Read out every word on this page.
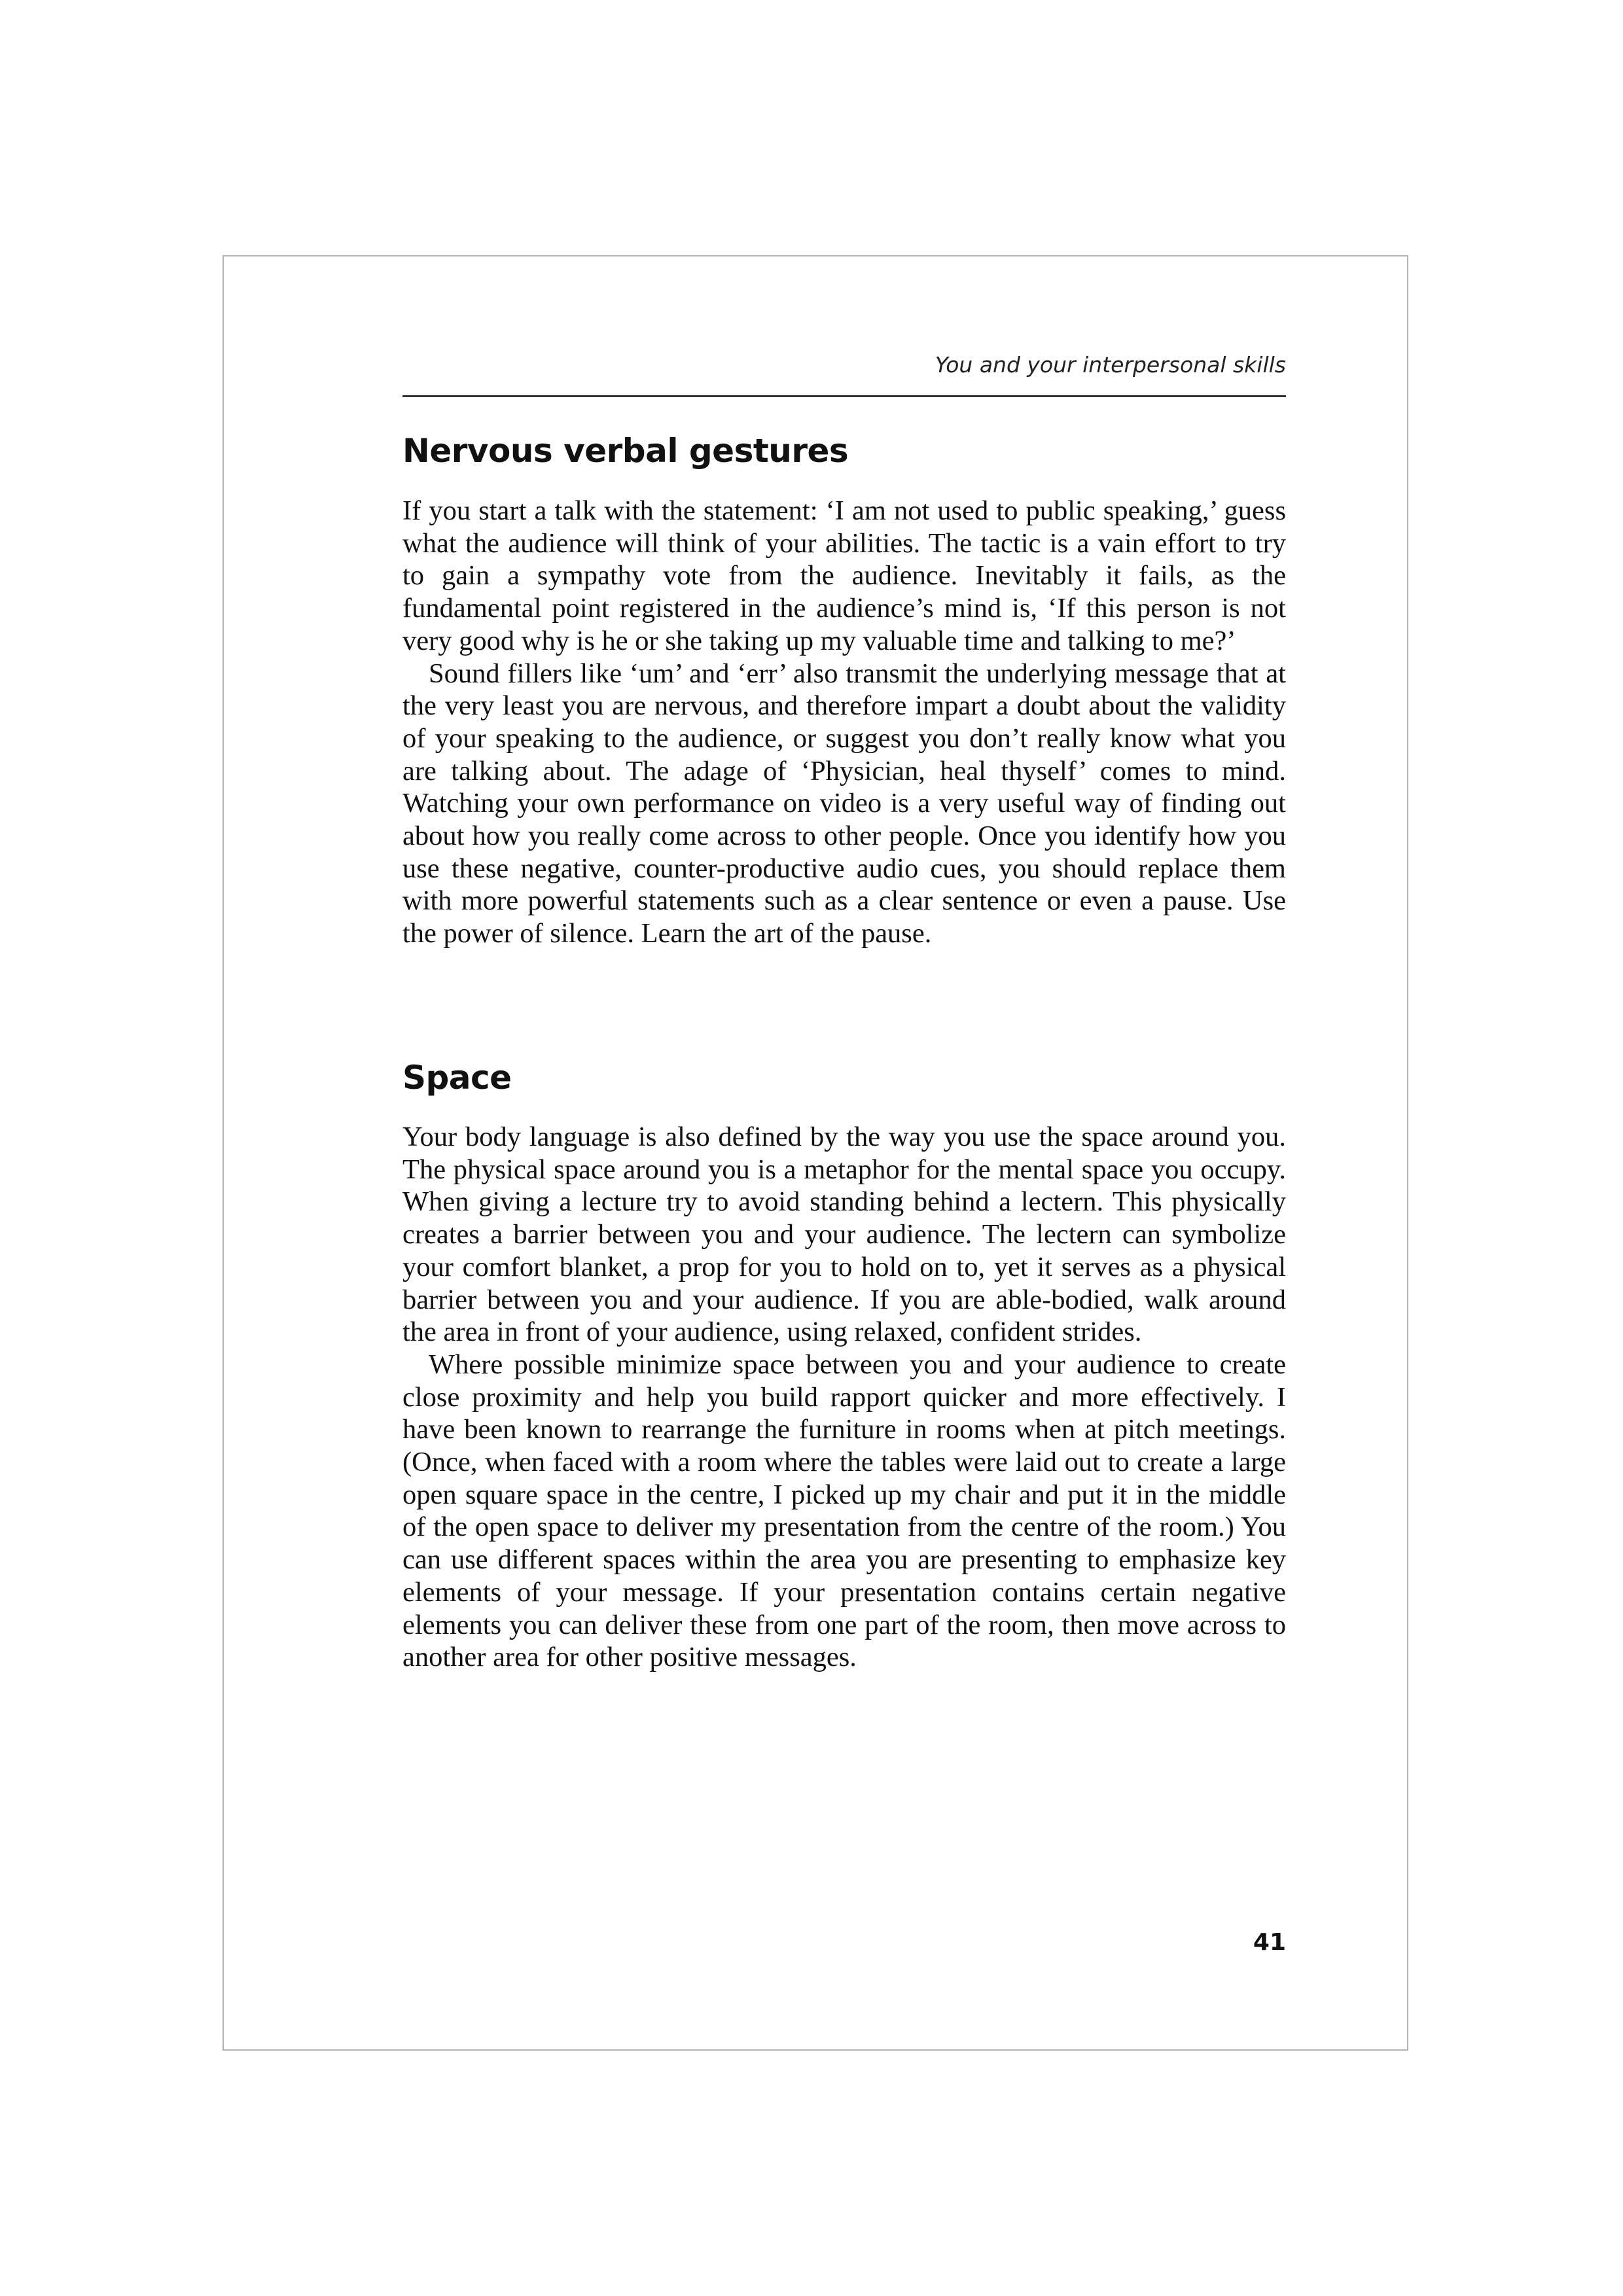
You and your interpersonal skills
Nervous verbal gestures

If you start a talk with the statement: ‘I am not used to public speaking,’ guess what the audience will think of your abilities. The tactic is a vain effort to try to gain a sympathy vote from the audience. Inevitably it fails, as the fundamental point registered in the audience’s mind is, ‘If this person is not very good why is he or she taking up my valuable time and talking to me?’

Sound fillers like ‘um’ and ‘err’ also transmit the underlying message that at the very least you are nervous, and therefore impart a doubt about the validity of your speaking to the audience, or suggest you don’t really know what you are talking about. The adage of ‘Physician, heal thyself’ comes to mind. Watching your own performance on video is a very useful way of finding out about how you really come across to other people. Once you identify how you use these negative, counter-productive audio cues, you should replace them with more powerful statements such as a clear sentence or even a pause. Use the power of silence. Learn the art of the pause.

Space

Your body language is also defined by the way you use the space around you. The physical space around you is a metaphor for the mental space you occupy. When giving a lecture try to avoid standing behind a lectern. This physically creates a barrier between you and your audience. The lectern can symbolize your comfort blanket, a prop for you to hold on to, yet it serves as a physical barrier between you and your audience. If you are able-bodied, walk around the area in front of your audience, using relaxed, confident strides.

Where possible minimize space between you and your audience to create close proximity and help you build rapport quicker and more effectively. I have been known to rearrange the furniture in rooms when at pitch meetings. (Once, when faced with a room where the tables were laid out to create a large open square space in the centre, I picked up my chair and put it in the middle of the open space to deliver my presentation from the centre of the room.) You can use different spaces within the area you are presenting to emphasize key elements of your message. If your presentation contains certain negative elements you can deliver these from one part of the room, then move across to another area for other positive messages.

41
